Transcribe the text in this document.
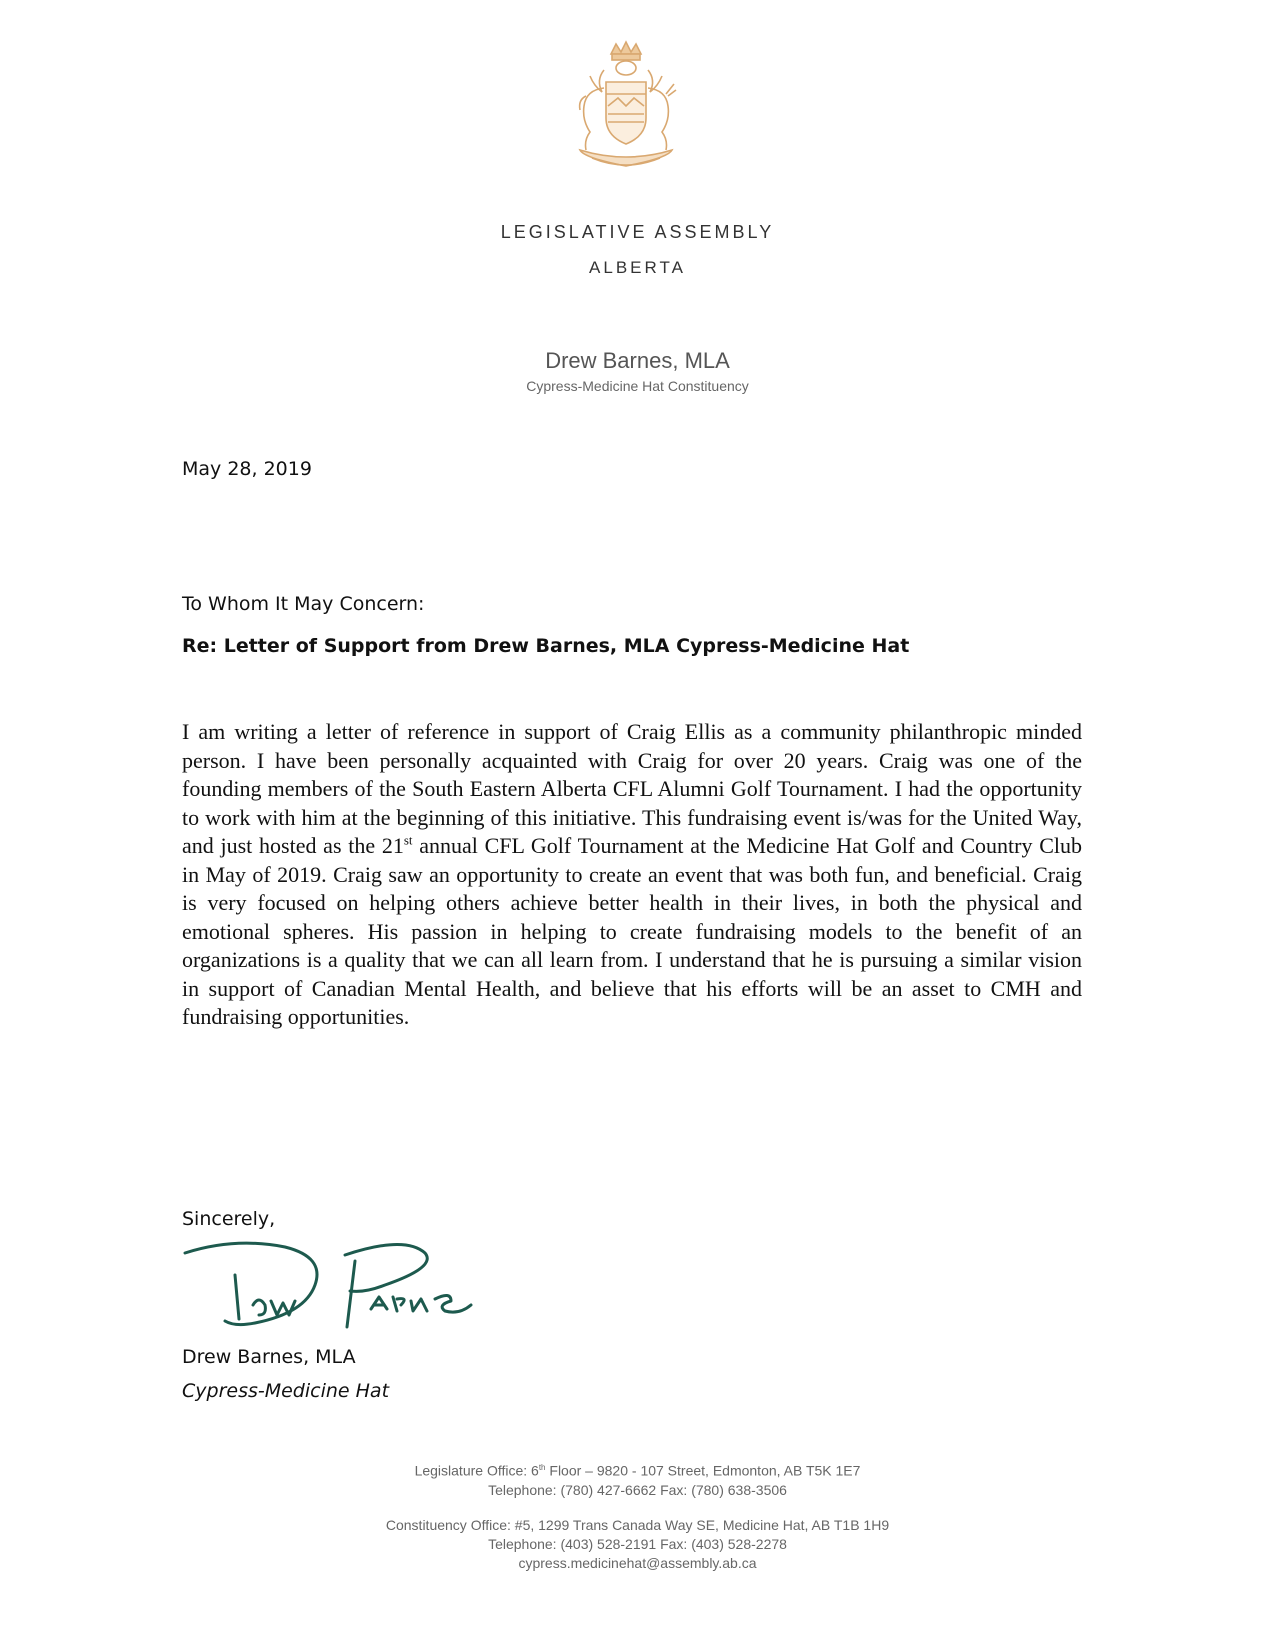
LEGISLATIVE ASSEMBLY
ALBERTA
Drew Barnes, MLA
Cypress-Medicine Hat Constituency
May 28, 2019
To Whom It May Concern:
Re: Letter of Support from Drew Barnes, MLA Cypress-Medicine Hat
I am writing a letter of reference in support of Craig Ellis as a community philanthropic minded person. I have been personally acquainted with Craig for over 20 years. Craig was one of the founding members of the South Eastern Alberta CFL Alumni Golf Tournament. I had the opportunity to work with him at the beginning of this initiative. This fundraising event is/was for the United Way, and just hosted as the 21st annual CFL Golf Tournament at the Medicine Hat Golf and Country Club in May of 2019. Craig saw an opportunity to create an event that was both fun, and beneficial. Craig is very focused on helping others achieve better health in their lives, in both the physical and emotional spheres. His passion in helping to create fundraising models to the benefit of an organizations is a quality that we can all learn from. I understand that he is pursuing a similar vision in support of Canadian Mental Health, and believe that his efforts will be an asset to CMH and fundraising opportunities.
Sincerely,
Drew Barnes, MLA
Cypress-Medicine Hat
Legislature Office: 6th Floor – 9820 - 107 Street, Edmonton, AB T5K 1E7
Telephone: (780) 427-6662 Fax: (780) 638-3506
Constituency Office: #5, 1299 Trans Canada Way SE, Medicine Hat, AB T1B 1H9
Telephone: (403) 528-2191 Fax: (403) 528-2278
cypress.medicinehat@assembly.ab.ca
